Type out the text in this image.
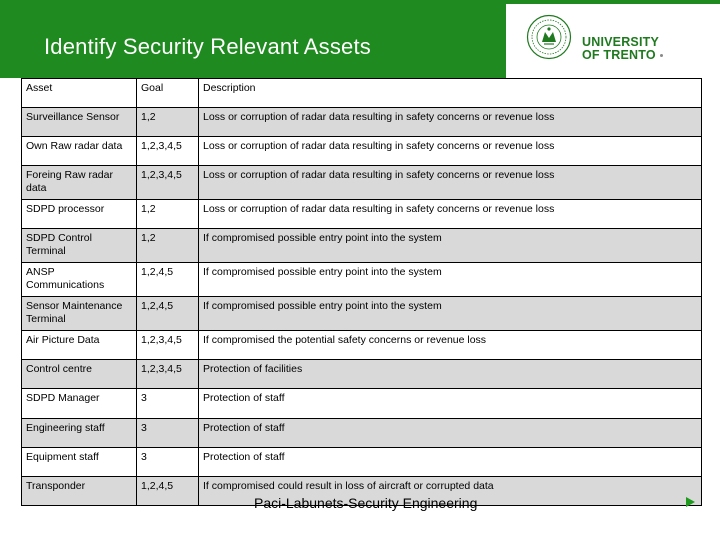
Identify Security Relevant Assets	UNIVERSITY
OF TRENTO
Asset	Goal	Description
Surveillance Sensor	1,2	Loss or corruption of radar data resulting in safety concerns or revenue loss
Own Raw radar data	1,2,3,4,5	Loss or corruption of radar data resulting in safety concerns or revenue loss
Foreing Raw radar data	1,2,3,4,5	Loss or corruption of radar data resulting in safety concerns or revenue loss
SDPD processor	1,2	Loss or corruption of radar data resulting in safety concerns or revenue loss
SDPD Control Terminal	1,2	If compromised possible entry point into the system
ANSP Communications	1,2,4,5	If compromised possible entry point into the system
Sensor Maintenance Terminal	1,2,4,5	If compromised possible entry point into the system
Air Picture Data	1,2,3,4,5	If compromised the potential safety concerns or revenue loss
Control centre	1,2,3,4,5	Protection of facilities
SDPD Manager	3	Protection of staff
Engineering staff	3	Protection of staff
Equipment staff	3	Protection of staff
Transponder	1,2,4,5	If compromised could result in loss of aircraft or corrupted data
Paci-Labunets-Security Engineering
